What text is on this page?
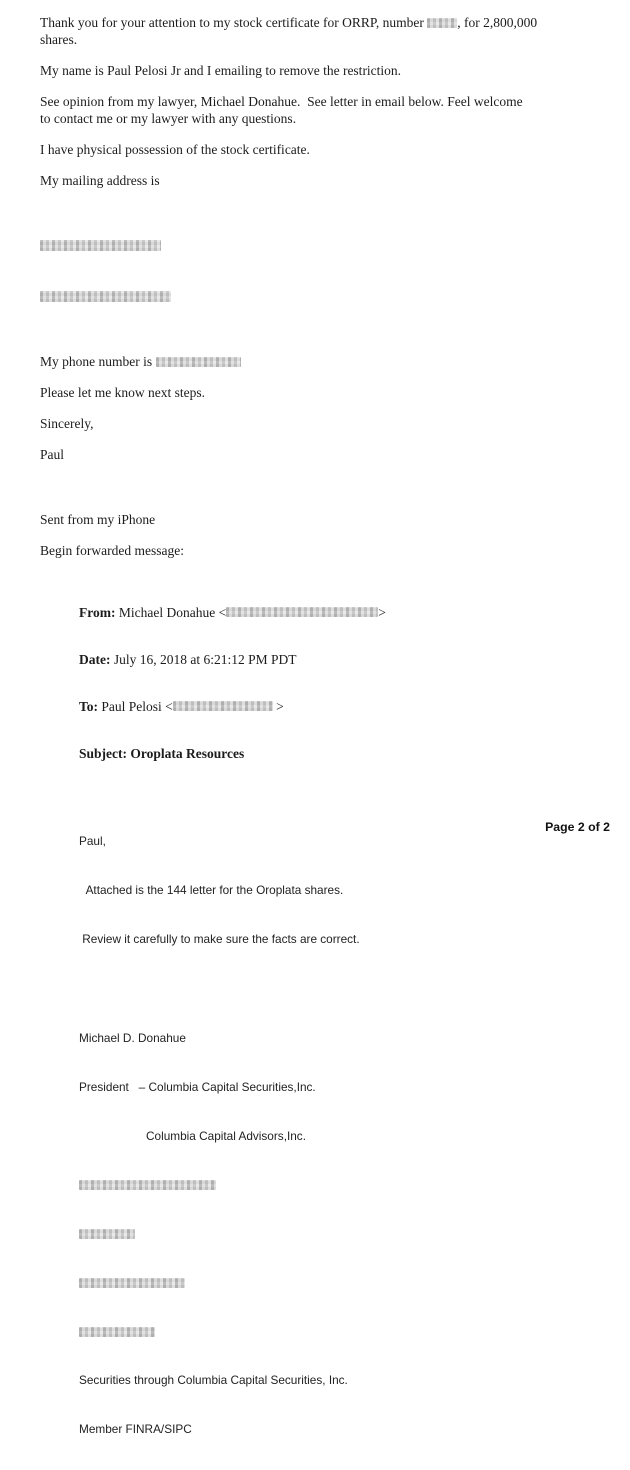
Thank you for your attention to my stock certificate for ORRP, number , for 2,800,000
shares.

My name is Paul Pelosi Jr and I emailing to remove the restriction.

See opinion from my lawyer, Michael Donahue.  See letter in email below. Feel welcome
to contact me or my lawyer with any questions.

I have physical possession of the stock certificate.

My mailing address is

My phone number is

Please let me know next steps.

Sincerely,

Paul

Sent from my iPhone

Begin forwarded message:

From: Michael Donahue <	>

Date: July 16, 2018 at 6:21:12 PM PDT

To: Paul Pelosi <	>

Subject: Oroplata Resources

Paul,

Attached is the 144 letter for the Oroplata shares.

Review it carefully to make sure the facts are correct.

Michael D. Donahue

President   – Columbia Capital Securities,Inc.

Columbia Capital Advisors,Inc.

Securities through Columbia Capital Securities, Inc.

Member FINRA/SIPC

Page 2 of 2
